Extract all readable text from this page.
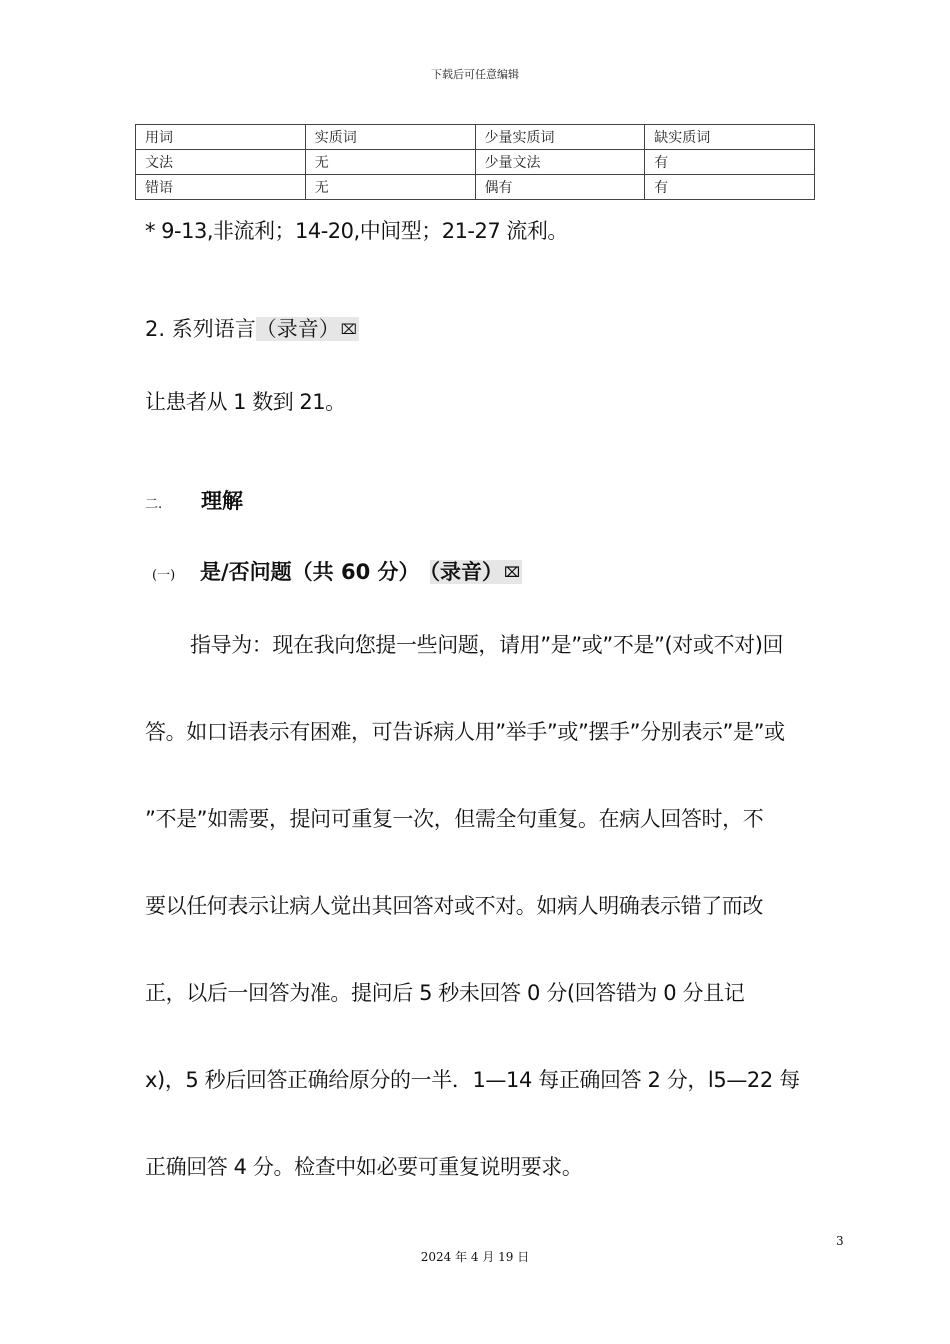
下载后可任意编辑
用词	实质词	少量实质词	缺实质词
文法	无	少量文法	有
错语	无	偶有	有
* 9-13,非流利；14-20,中间型；21-27 流利。
2. 系列语言（录音）⌧
让患者从 1 数到 21。
二. 理解
(一) 是/否问题（共 60 分） （录音）⌧
指导为：现在我向您提一些问题，请用”是”或”不是”(对或不对)回
答。如口语表示有困难，可告诉病人用”举手”或”摆手”分别表示”是”或
”不是”如需要，提问可重复一次，但需全句重复。在病人回答时，不
要以任何表示让病人觉出其回答对或不对。如病人明确表示错了而改
正，以后一回答为准。提问后 5 秒未回答 0 分(回答错为 0 分且记
x)，5 秒后回答正确给原分的一半．1—14 每正确回答 2 分，l5—22 每
正确回答 4 分。检查中如必要可重复说明要求。
3
2024 年 4 月 19 日
